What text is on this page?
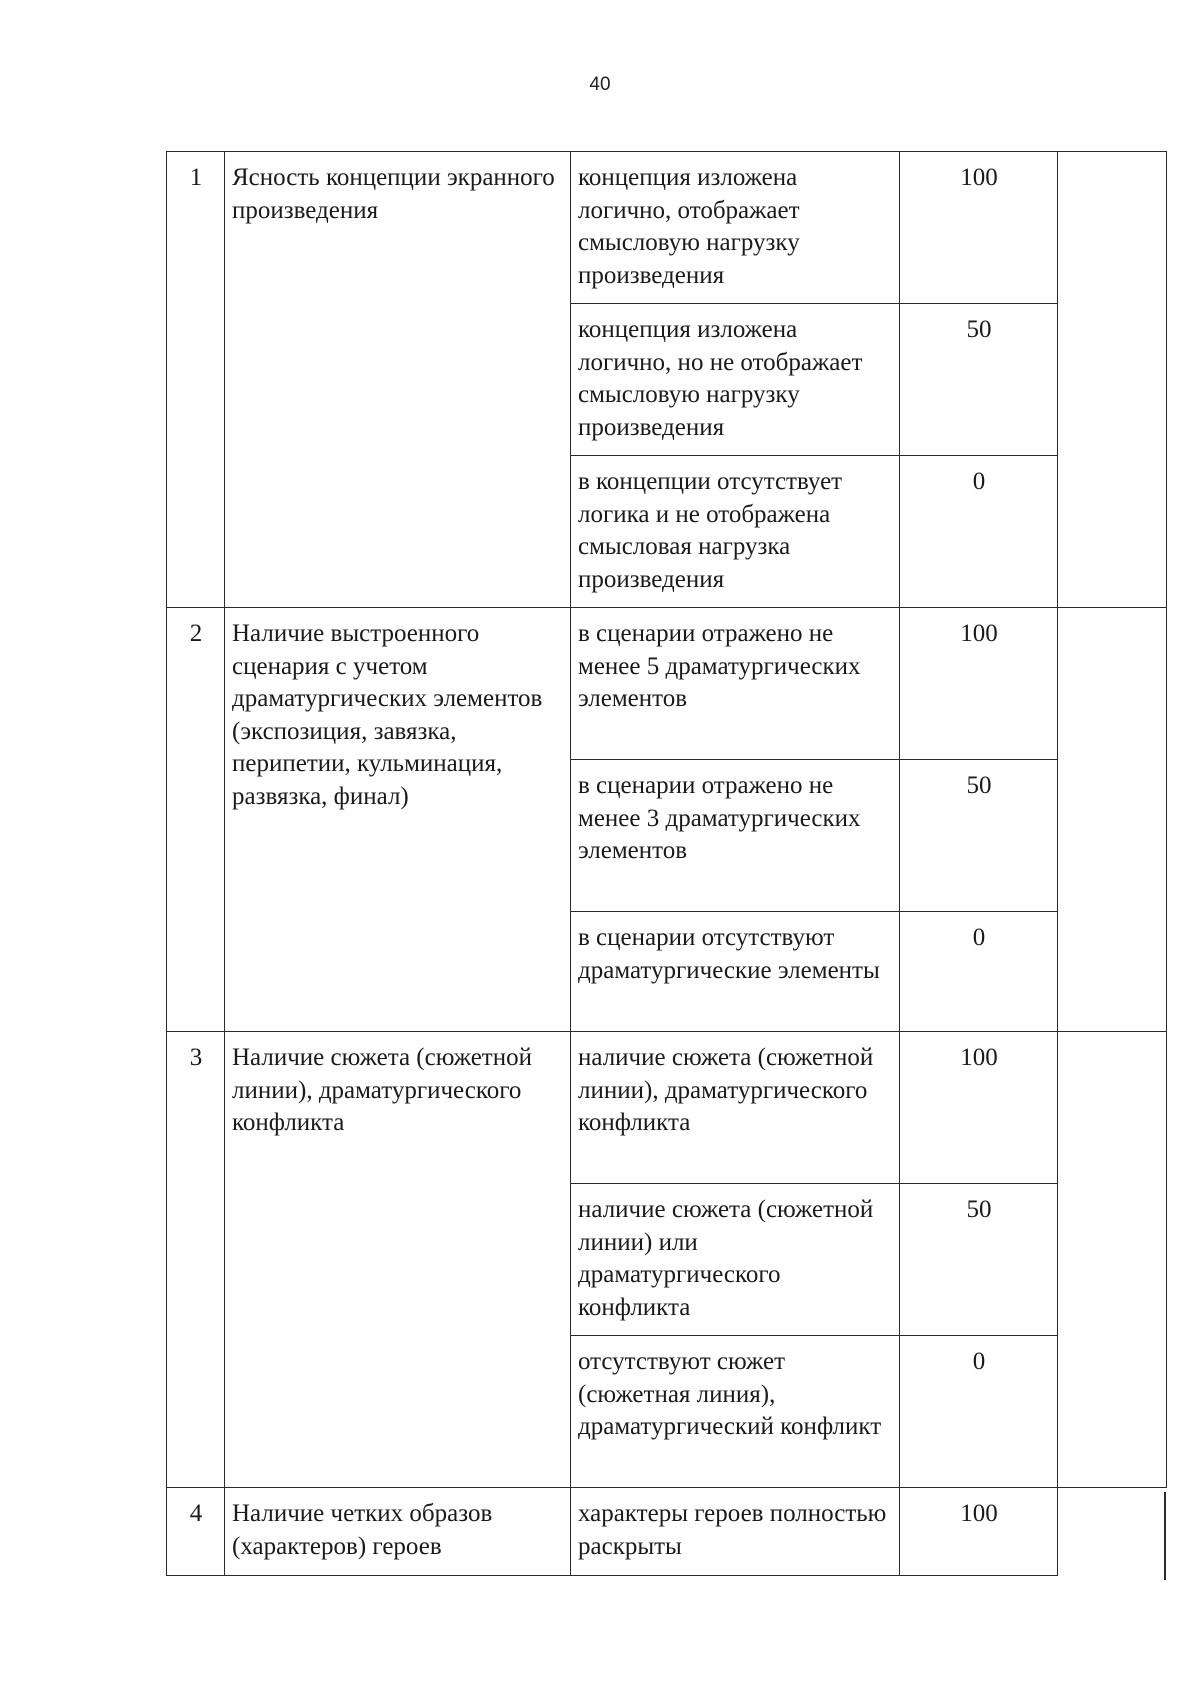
40
1	Ясность концепции экранного произведения	концепция изложена логично, отображает смысловую нагрузку произведения	100	
		концепция изложена логично, но не отображает смысловую нагрузку произведения	50	
		в концепции отсутствует логика и не отображена смысловая нагрузка произведения	0	
2	Наличие выстроенного сценария с учетом драматургических элементов (экспозиция, завязка, перипетии, кульминация, развязка, финал)	в сценарии отражено не менее 5 драматургических элементов	100	
		в сценарии отражено не менее 3 драматургических элементов	50	
		в сценарии отсутствуют драматургические элементы	0	
3	Наличие сюжета (сюжетной линии), драматургического конфликта	наличие сюжета (сюжетной линии), драматургического конфликта	100	
		наличие сюжета (сюжетной линии) или драматургического конфликта	50	
		отсутствуют сюжет (сюжетная линия), драматургический конфликт	0	
4	Наличие четких образов (характеров) героев	характеры героев полностью раскрыты	100	
